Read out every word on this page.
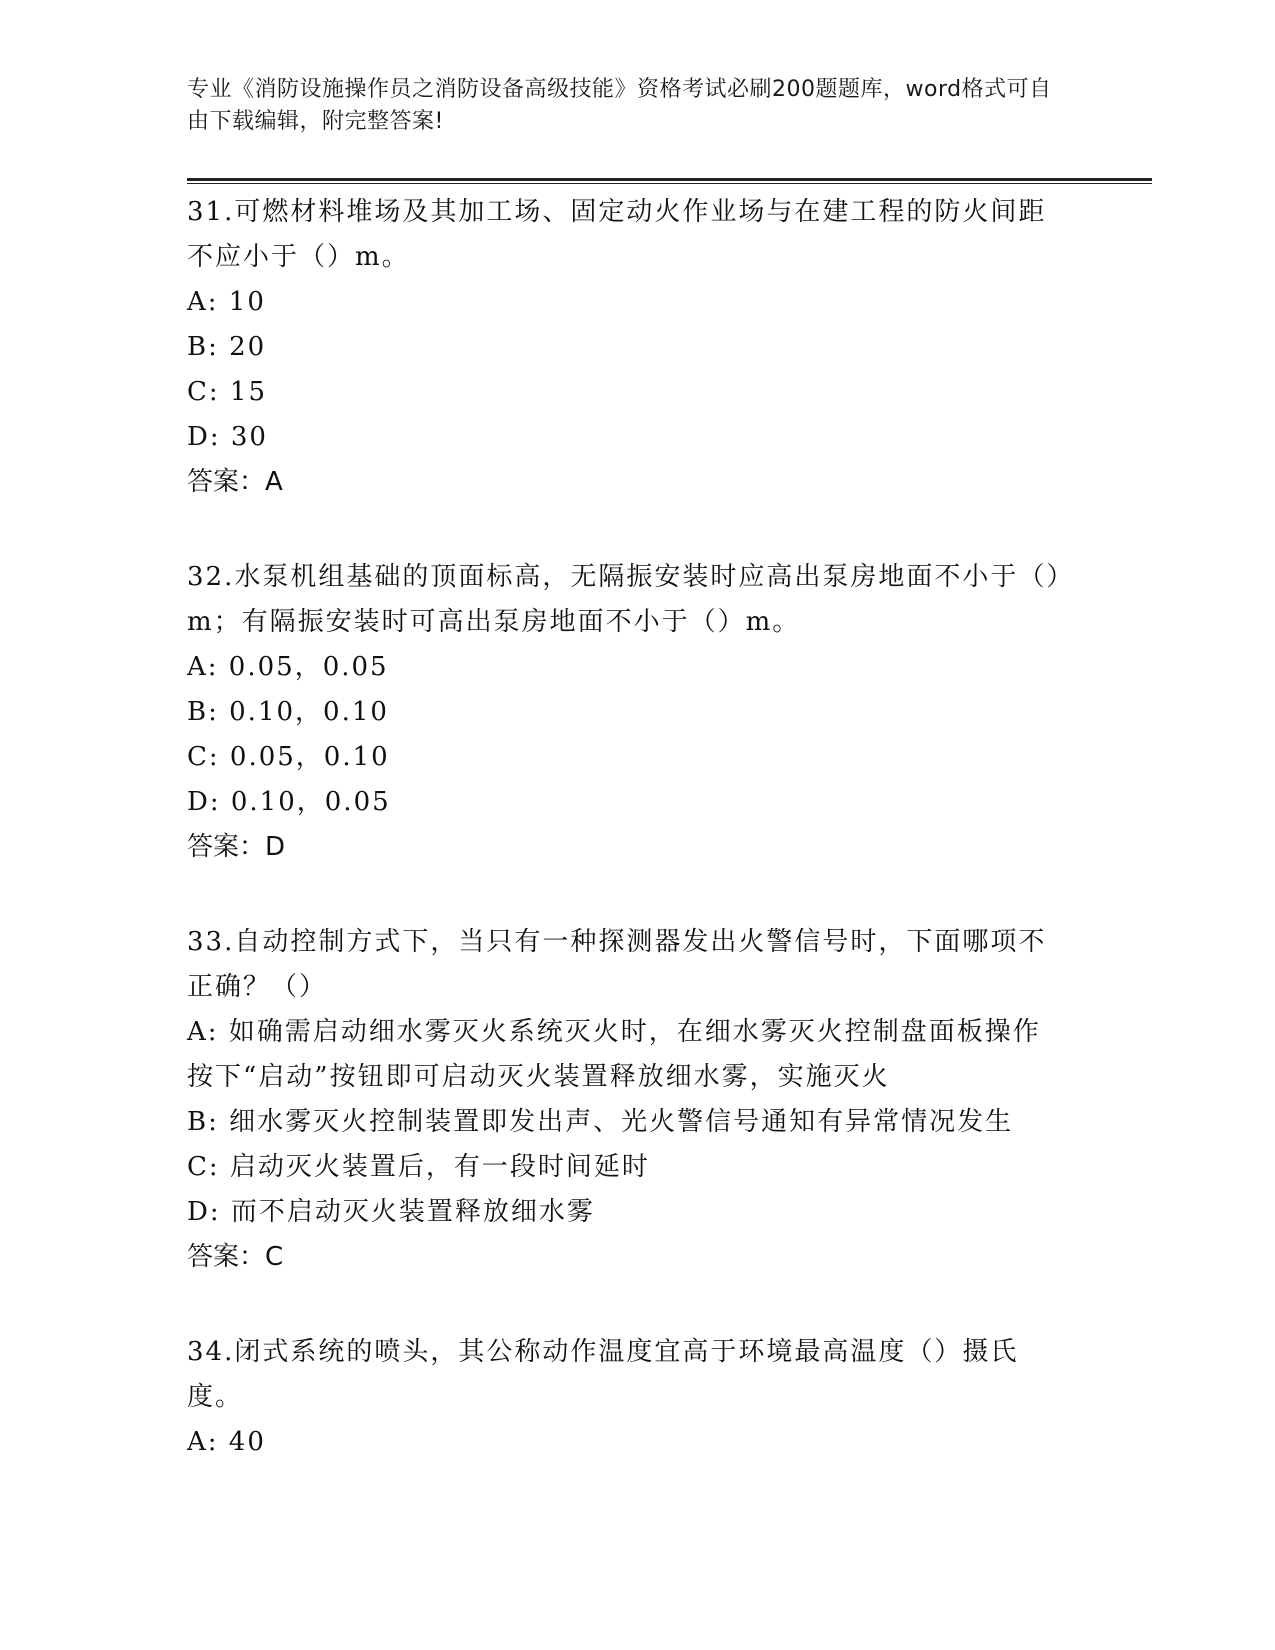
专业《消防设施操作员之消防设备高级技能》资格考试必刷200题题库，word格式可自由下载编辑，附完整答案!

31.可燃材料堆场及其加工场、固定动火作业场与在建工程的防火间距不应小于（）m。

A: 10

B: 20

C: 15

D: 30

答案：A

32.水泵机组基础的顶面标高，无隔振安装时应高出泵房地面不小于（）m；有隔振安装时可高出泵房地面不小于（）m。

A: 0.05，0.05

B: 0.10，0.10

C: 0.05，0.10

D: 0.10，0.05

答案：D

33.自动控制方式下，当只有一种探测器发出火警信号时，下面哪项不正确？（）

A: 如确需启动细水雾灭火系统灭火时，在细水雾灭火控制盘面板操作按下“启动”按钮即可启动灭火装置释放细水雾，实施灭火

B: 细水雾灭火控制装置即发出声、光火警信号通知有异常情况发生

C: 启动灭火装置后，有一段时间延时

D: 而不启动灭火装置释放细水雾

答案：C

34.闭式系统的喷头，其公称动作温度宜高于环境最高温度（）摄氏度。

A: 40
